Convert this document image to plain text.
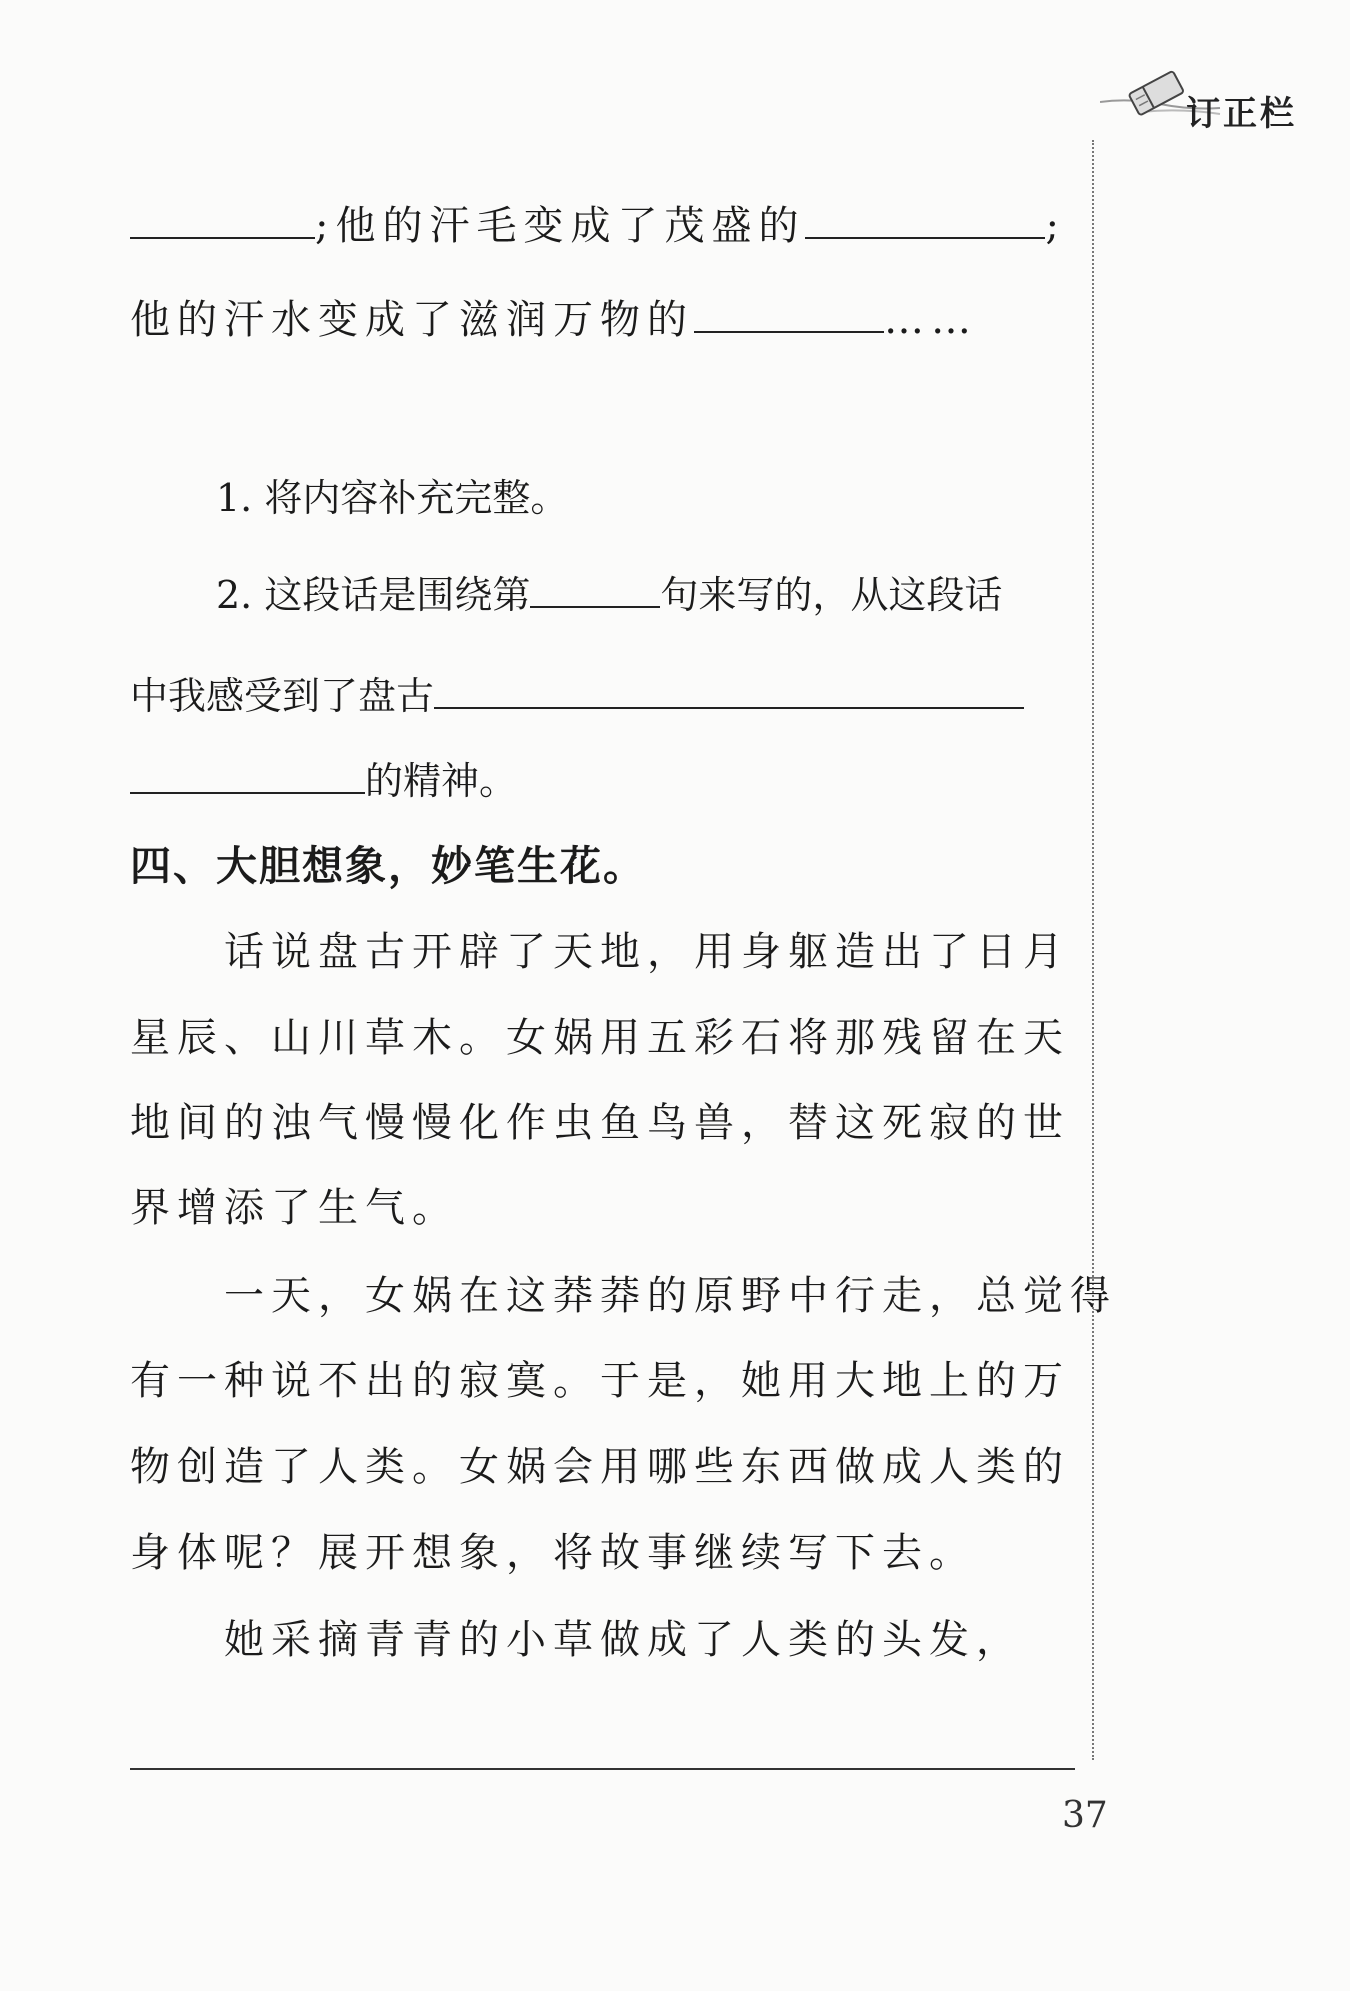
订正栏
;他的汗毛变成了茂盛的	;
他的汗水变成了滋润万物的	……
1. 将内容补充完整。
2. 这段话是围绕第	句来写的，从这段话
中我感受到了盘古
的精神。
四、大胆想象，妙笔生花。
话说盘古开辟了天地，用身躯造出了日月
星辰、山川草木。女娲用五彩石将那残留在天
地间的浊气慢慢化作虫鱼鸟兽，替这死寂的世
界增添了生气。
一天，女娲在这莽莽的原野中行走，总觉得
有一种说不出的寂寞。于是，她用大地上的万
物创造了人类。女娲会用哪些东西做成人类的
身体呢？展开想象，将故事继续写下去。
她采摘青青的小草做成了人类的头发，
37
